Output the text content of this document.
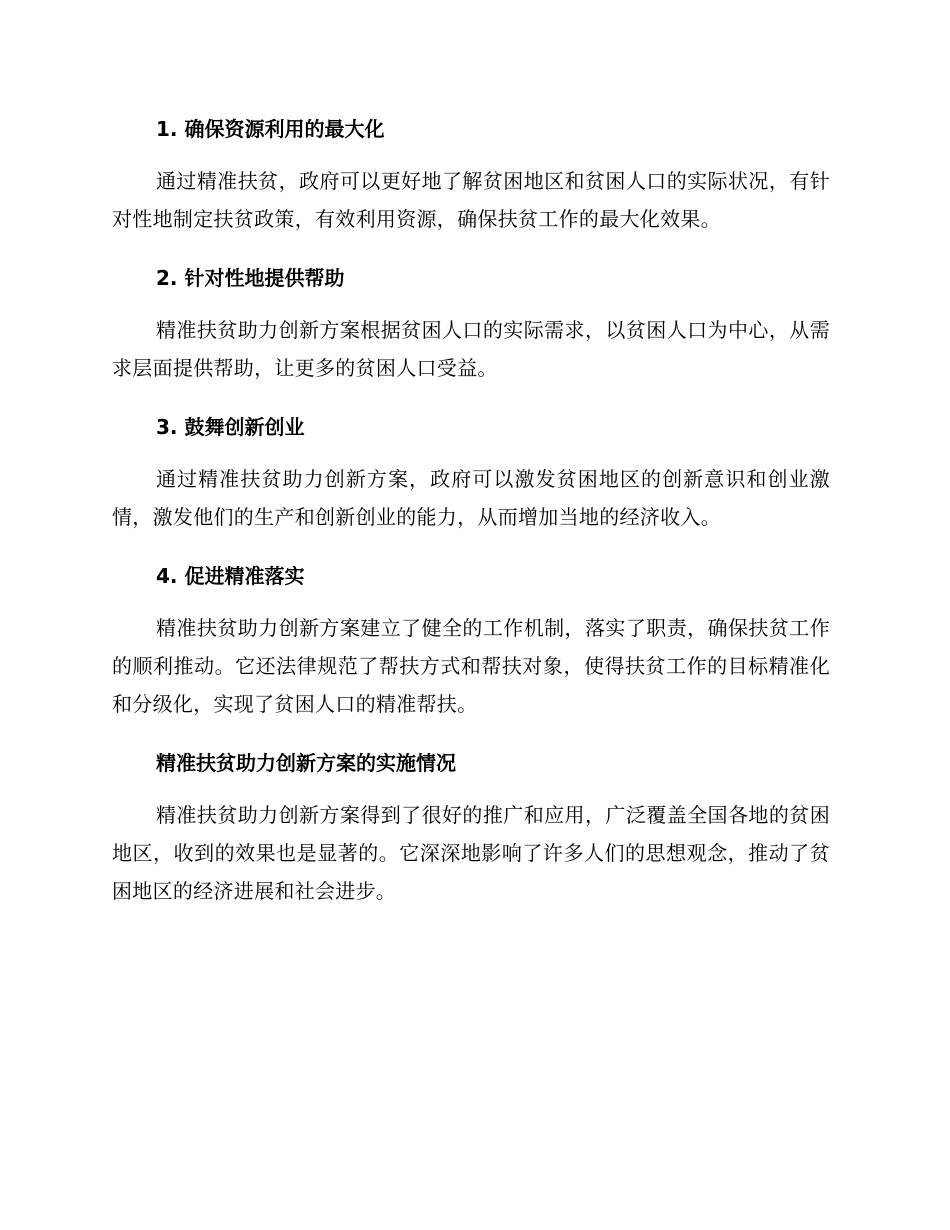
1. 确保资源利用的最大化

通过精准扶贫，政府可以更好地了解贫困地区和贫困人口的实际状况，有针对性地制定扶贫政策，有效利用资源，确保扶贫工作的最大化效果。

2. 针对性地提供帮助

精准扶贫助力创新方案根据贫困人口的实际需求，以贫困人口为中心，从需求层面提供帮助，让更多的贫困人口受益。

3. 鼓舞创新创业

通过精准扶贫助力创新方案，政府可以激发贫困地区的创新意识和创业激情，激发他们的生产和创新创业的能力，从而增加当地的经济收入。

4. 促进精准落实

精准扶贫助力创新方案建立了健全的工作机制，落实了职责，确保扶贫工作的顺利推动。它还法律规范了帮扶方式和帮扶对象，使得扶贫工作的目标精准化和分级化，实现了贫困人口的精准帮扶。

精准扶贫助力创新方案的实施情况

精准扶贫助力创新方案得到了很好的推广和应用，广泛覆盖全国各地的贫困地区，收到的效果也是显著的。它深深地影响了许多人们的思想观念，推动了贫困地区的经济进展和社会进步。
